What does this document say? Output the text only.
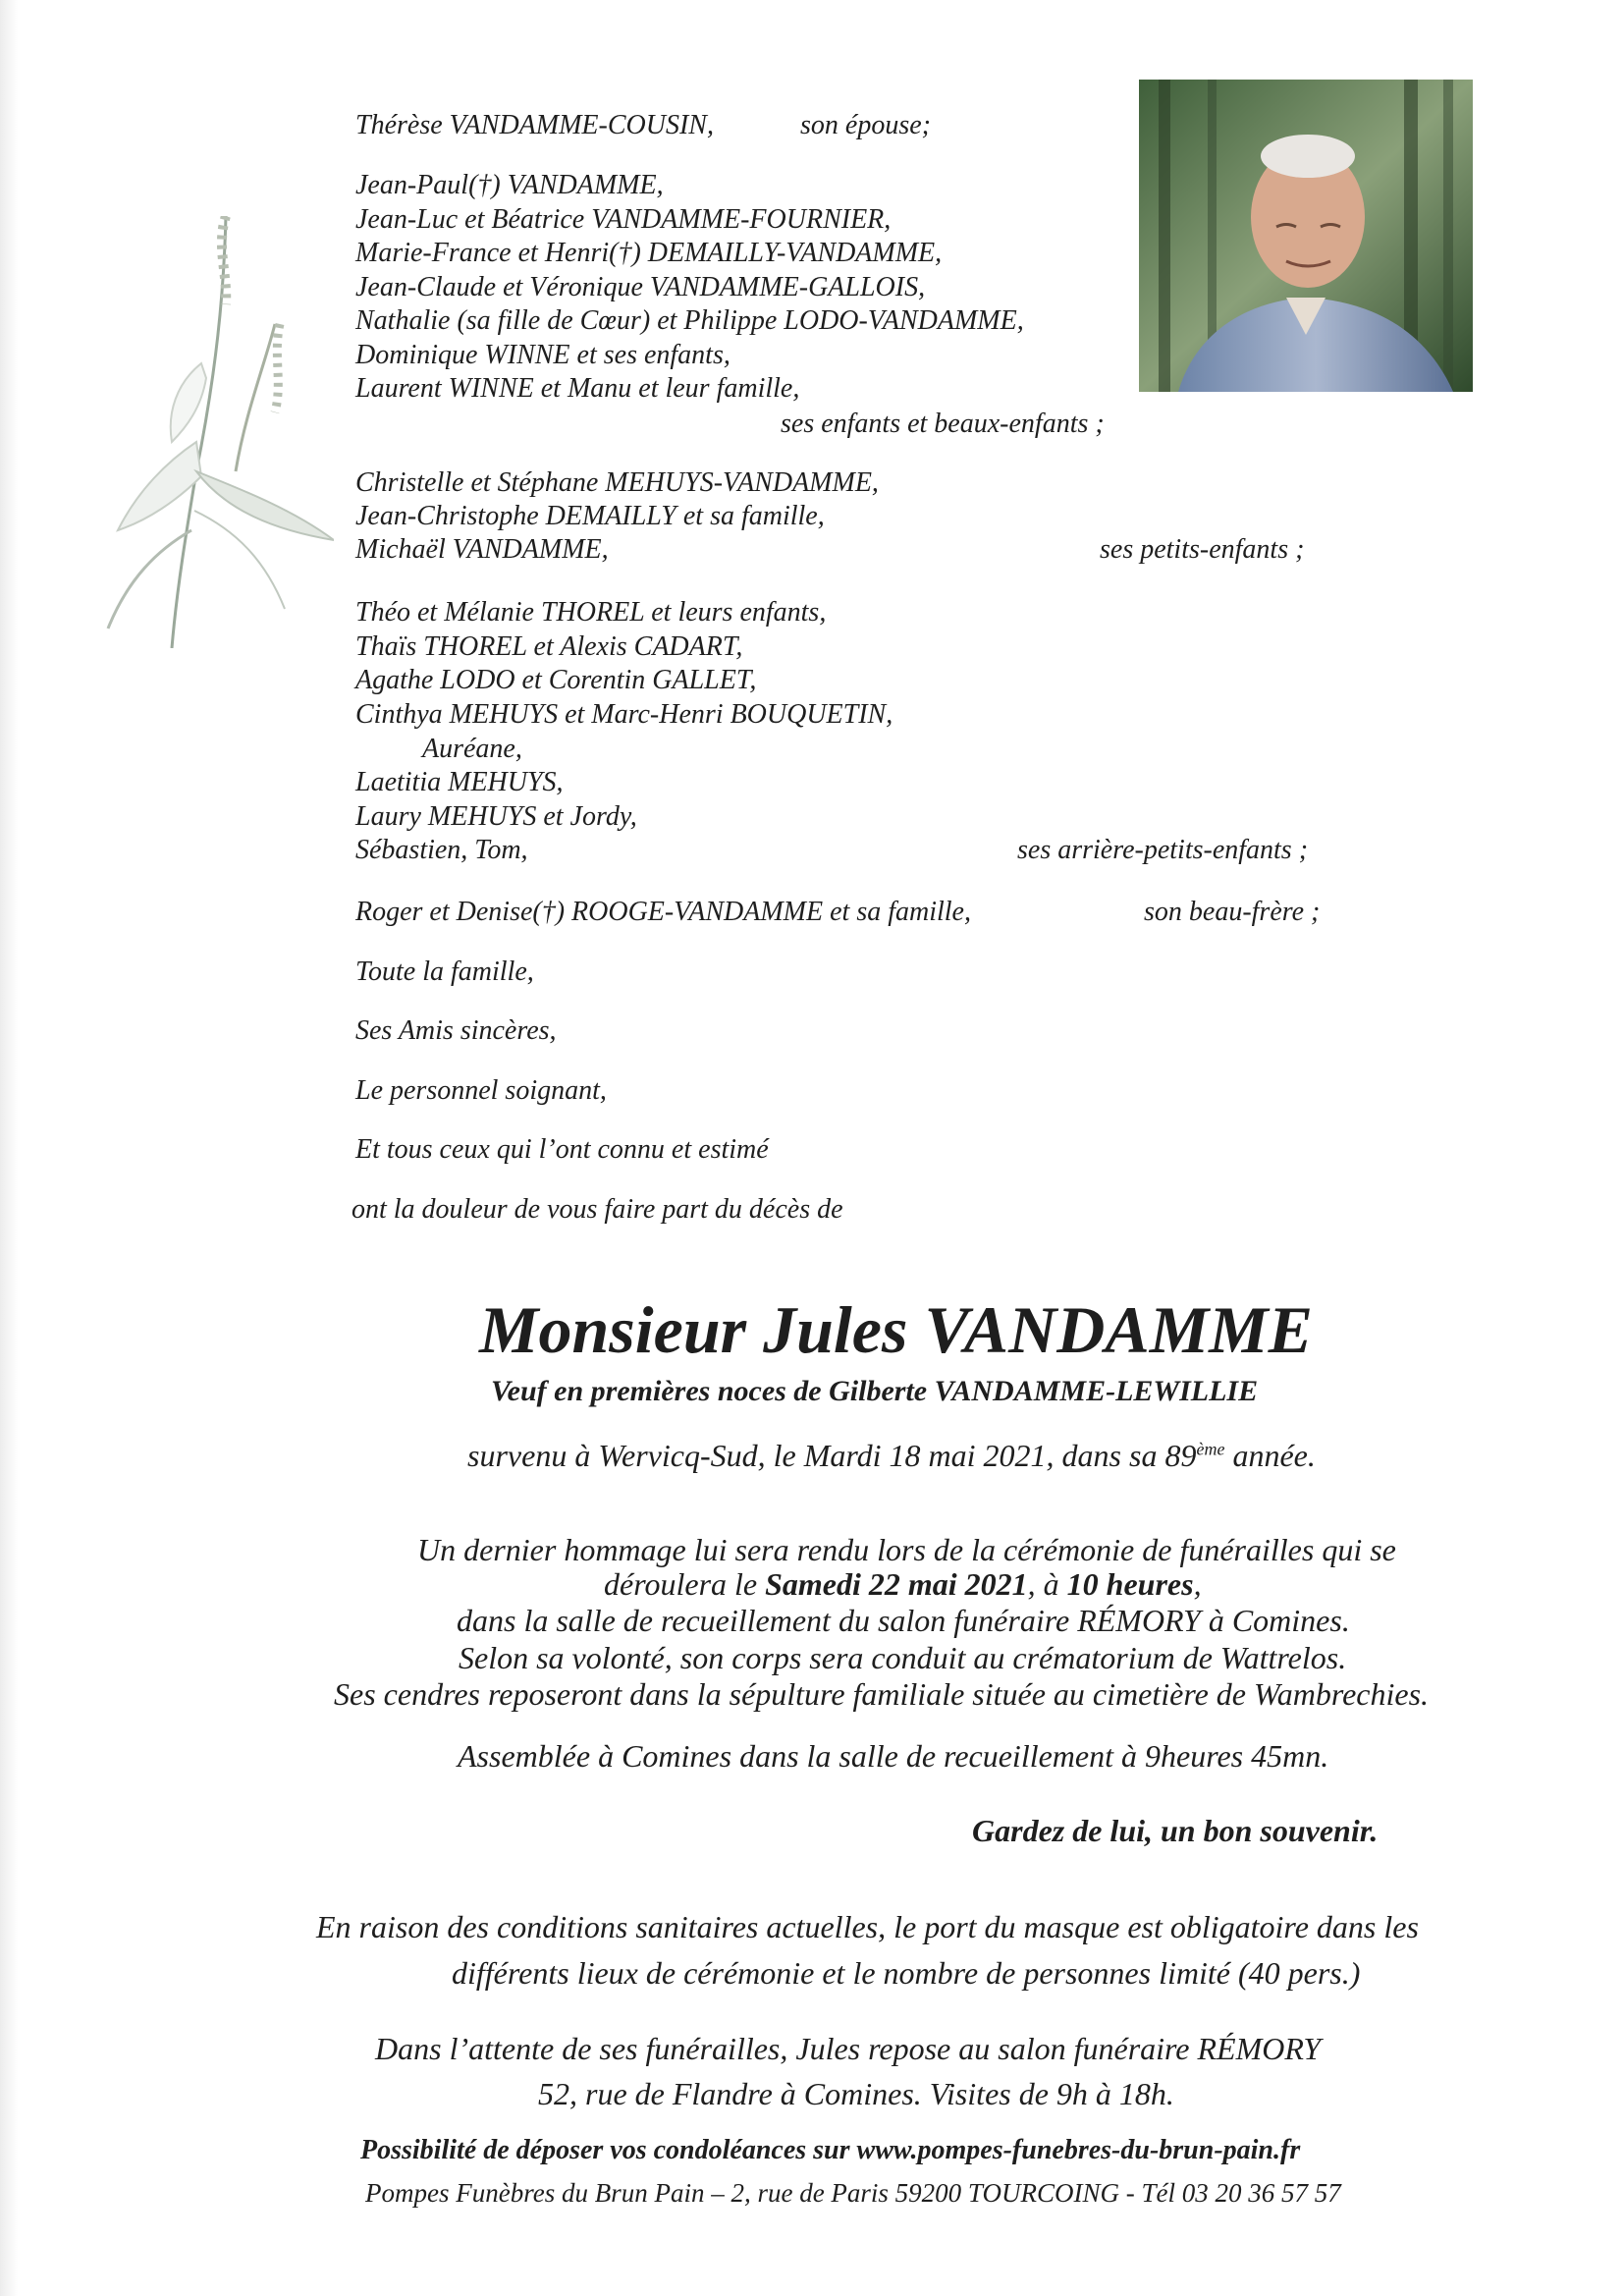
Thérèse VANDAMME-COUSIN,	son épouse;
Jean-Paul(†) VANDAMME,
Jean-Luc et Béatrice VANDAMME-FOURNIER,
Marie-France et Henri(†) DEMAILLY-VANDAMME,
Jean-Claude et Véronique VANDAMME-GALLOIS,
Nathalie (sa fille de Cœur) et Philippe LODO-VANDAMME,
Dominique WINNE et ses enfants,
Laurent WINNE et Manu et leur famille,
ses enfants et beaux-enfants ;
Christelle et Stéphane MEHUYS-VANDAMME,
Jean-Christophe DEMAILLY et sa famille,
Michaël VANDAMME,	ses petits-enfants ;
Théo et Mélanie THOREL et leurs enfants,
Thaïs THOREL et Alexis CADART,
Agathe LODO et Corentin GALLET,
Cinthya MEHUYS et Marc-Henri BOUQUETIN,
Auréane,
Laetitia MEHUYS,
Laury MEHUYS et Jordy,
Sébastien, Tom,	ses arrière-petits-enfants ;
Roger et Denise(†) ROOGE-VANDAMME et sa famille,	son beau-frère ;
Toute la famille,
Ses Amis sincères,
Le personnel soignant,
Et tous ceux qui l’ont connu et estimé
ont la douleur de vous faire part du décès de
Monsieur Jules VANDAMME
Veuf en premières noces de Gilberte VANDAMME-LEWILLIE
survenu à Wervicq-Sud, le Mardi 18 mai 2021, dans sa 89ème année.
Un dernier hommage lui sera rendu lors de la cérémonie de funérailles qui se
déroulera le Samedi 22 mai 2021, à 10 heures,
dans la salle de recueillement du salon funéraire RÉMORY à Comines.
Selon sa volonté, son corps sera conduit au crématorium de Wattrelos.
Ses cendres reposeront dans la sépulture familiale située au cimetière de Wambrechies.
Assemblée à Comines dans la salle de recueillement à 9heures 45mn.
Gardez de lui, un bon souvenir.
En raison des conditions sanitaires actuelles, le port du masque est obligatoire dans les
différents lieux de cérémonie et le nombre de personnes limité (40 pers.)
Dans l’attente de ses funérailles, Jules repose au salon funéraire RÉMORY
52, rue de Flandre à Comines. Visites de 9h à 18h.
Possibilité de déposer vos condoléances sur www.pompes-funebres-du-brun-pain.fr
Pompes Funèbres du Brun Pain – 2, rue de Paris 59200 TOURCOING - Tél 03 20 36 57 57
